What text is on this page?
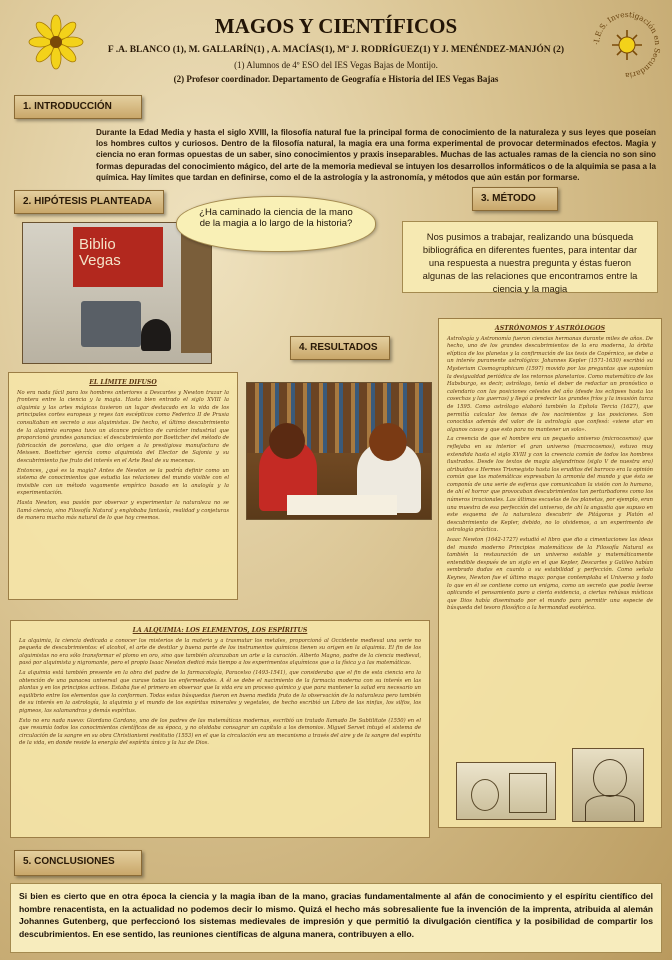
·I.E.S. Investigación en Secundaria
MAGOS Y CIENTÍFICOS
F .A. BLANCO (1), M. GALLARÍN(1) , A. MACÍAS(1), Mª J. RODRÍGUEZ(1) Y J. MENÉNDEZ-MANJÓN (2)
(1) Alumnos de 4º ESO del IES Vegas Bajas de Montijo.
(2) Profesor coordinador. Departamento de Geografía e Historia del IES Vegas Bajas
1. INTRODUCCIÓN
Durante la Edad Media y hasta el siglo XVIII, la filosofía natural fue la principal forma de conocimiento de la naturaleza y sus leyes que poseían los hombres cultos y curiosos. Dentro de la filosofía natural, la magia era una forma experimental de provocar determinados efectos. Magia y ciencia no eran formas opuestas de un saber, sino conocimientos y praxis inseparables. Muchas de las actuales ramas de la ciencia no son sino formas depuradas del conocimiento mágico, del arte de la memoria medieval se intuyen los desarrollos informáticos o de la alquimia se pasa a la química. Hay límites que tardan en definirse, como el de la astrología y la astronomía, y métodos que aún están por formarse.
2. HIPÓTESIS PLANTEADA
Biblio Vegas
¿Ha caminado la ciencia de la mano de la magia a lo largo de la historia?
3. MÉTODO
Nos pusimos a trabajar, realizando una búsqueda bibliográfica en diferentes fuentes, para intentar dar una respuesta a nuestra pregunta y éstas fueron algunas de las relaciones que encontramos entre la ciencia y la magia
4. RESULTADOS
EL LÍMITE DIFUSO

No era nada fácil para los hombres anteriores a Descartes y Newton trazar la frontera entre la ciencia y la magia. Hasta bien entrado el siglo XVIII la alquimia y las artes mágicas tuvieron un lugar destacado en la vida de los principales cortes europeas y reyes tan escépticos como Federico II de Prusia consultaban en secreto a sus alquimistas. De hecho, el último descubrimiento de la alquimia europea tuvo un alcance práctico de carácter industrial que proporcionó grandes ganancias: el descubrimiento por Boettcher del método de fabricación de porcelana, que dio origen a la prestigiosa manufactura de Meissen. Boettcher ejercía como alquimista del Elector de Sajonia y su descubrimiento fue fruto del interés en el Arte Real de su mecenas.

Entonces, ¿qué es la magia? Antes de Newton se la podría definir como un sistema de conocimientos que estudia las relaciones del mundo visible con el invisible con un método vagamente empírico basado en la analogía y la experimentación.

Hasta Newton, esa pasión por observar y experimentar la naturaleza no se llamó ciencia, sino Filosofía Natural y englobaba fantasía, realidad y conjeturas de manera mucho más natural de lo que hoy creemos.

LA ALQUIMIA: LOS ELEMENTOS, LOS ESPÍRITUS

La alquimia, la ciencia dedicada a conocer los misterios de la materia y a trasmutar los metales, proporcionó al Occidente medieval una serie no pequeña de descubrimientos: el alcohol, el arte de destilar y buena parte de los instrumentos químicos tienen su origen en la alquimia. El fin de los alquimistas no era sólo transformar el plomo en oro, sino que también alcanzaban un arte a la curación. Alberto Magno, padre de la ciencia medieval, pasó por alquimista y nigromante, pero el propio Isaac Newton dedicó más tiempo a los experimentos alquímicos que a la física y a las matemáticas.

La alquimia está también presente en la obra del padre de la farmacología, Paracelso (1493-1541), que consideraba que el fin de esta ciencia era la obtención de una panacea universal que curase todas las enfermedades. A él se debe el nacimiento de la farmacia moderna con su interés en las plantas y en los principios activos. Estaba fue el primero en observar que la vida era un proceso químico y que para mantener la salud era necesario un equilibrio entre los elementos que la conforman. Todas estas búsquedas fueron en buena medida fruto de la observación de la naturaleza pero también de su interés en la astrología, la alquimia y el mundo de los espíritus minerales y vegetales, de hecho escribió un Libro de las ninfas, los silfos, los pigmeos, las salamandras y demás espíritus.

Esto no era nada nuevo: Giordano Cardano, uno de los padres de las matemáticas modernas, escribió un tratado llamado De Subtilitate (1550) en el que resumía todos los conocimientos científicos de su época, y no olvidaba consagrar un capítulo a los demonios. Miguel Servet intuyó el sistema de circulación de la sangre en su obra Christianismi restitutio (1553) en el que la circulación era un mecanismo a través del aire y de la sangre del espíritu de la vida, en donde reside la energía del espíritu único y la luz de Dios.

ASTRÓNOMOS Y ASTRÓLOGOS

Astrología y Astronomía fueron ciencias hermanas durante miles de años. De hecho, uno de los grandes descubrimientos de la era moderna, la órbita elíptica de los planetas y la confirmación de las tesis de Copérnico, se debe a un interés puramente astrológico: Johannes Kepler (1571-1630) escribió su Mysterium Cosmographicum (1597) movido por las preguntas que suponían la desigualdad periódica de los retornos planetarios. Como matemático de los Habsburgo, es decir, astrólogo, tenía el deber de redactar un pronóstico o calendario con las posiciones celestes del año (desde los eclipses hasta las cosechas y las guerras) y llegó a predecir las grandes fríos y la invasión turca de 1595. Como astrólogo elaboró también la Epítola Tercia (1627), que permitía calcular los temas de los nacimientos y las posiciones. Son conocidas además del valor de la astrología que confesó: «viene atar en algunos casos y que esto para no mantener un solo».

La creencia de que el hombre era un pequeño universo (microcosmos) que reflejaba en su interior el gran universo (macrocosmos), estuvo muy extendida hasta el siglo XVIII y con la creencia común de todos los hombres ilustrados. Desde los textos de magia alejandrinos (siglo V de nuestra era) atribuidos a Hermes Trismegisto hasta los eruditos del barroco era la opinión común que las matemáticas expresaban la armonía del mundo y que ésta se componía de una serie de esferas que comunicaban la visión con lo humano, de ahí el horror que provocaban descubrimientos tan perturbadores como los números irracionales. Las últimas escuelas de los planetas, por ejemplo, eran una muestra de esa perfección del universo, de ahí la angustia que supuso en este esquema de la naturaleza descubrir de Pitágoras y Platón el descubrimiento de Kepler, debido, no lo olvidemos, a un experimento de astrología práctica.

Isaac Newton (1642-1727) estudió el libro que dio a cimentaciones las ideas del mundo moderno Principios matemáticos de la Filosofía Natural es también la restauración de un universo estable y matemáticamente entendible después de un siglo en el que Kepler, Descartes y Galileo habían sembrado dudas en cuanto a su estabilidad y perfección. Como señala Keynes, Newton fue el último mago: porque contemplaba el Universo y todo lo que en él se contiene como un enigma, como un secreto que podía leerse aplicando el pensamiento puro a cierta evidencia, a ciertas rehúsas místicas que Dios había diseminado por el mundo para permitir una especie de búsqueda del tesoro filosófico a la hermandad esotérica.

5. CONCLUSIONES
Si bien es cierto que en otra época la ciencia y la magia iban de la mano, gracias fundamentalmente al afán de conocimiento y el espíritu científico del hombre renacentista, en la actualidad no podemos decir lo mismo. Quizá el hecho más sobresaliente fue la invención de la imprenta, atribuida al alemán Johannes Gutenberg, que perfeccionó los sistemas medievales de impresión y que permitió la divulgación científica y la posibilidad de compartir los descubrimientos. En ese sentido, las reuniones científicas de alguna manera, contribuyen a ello.
